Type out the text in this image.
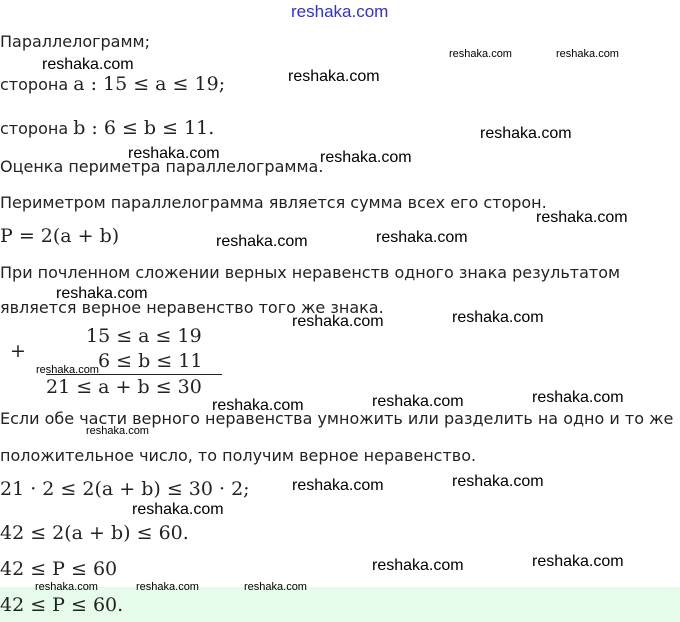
reshaka.com
Параллелограмм;
сторона a : 15 ≤ a ≤ 19;
сторона b : 6 ≤ b ≤ 11.
Оценка периметра параллелограмма.
Периметром параллелограмма является сумма всех его сторон.
P = 2(a + b)
При почленном сложении верных неравенств одного знака результатом
является верное неравенство того же знака.
+
15 ≤ a ≤ 19
6 ≤ b ≤ 11
21 ≤ a + b ≤ 30
Если обе части верного неравенства умножить или разделить на одно и то же
положительное число, то получим верное неравенство.
21 · 2 ≤ 2(a + b) ≤ 30 · 2;
42 ≤ 2(a + b) ≤ 60.
42 ≤ P ≤ 60
42 ≤ P ≤ 60.
reshaka.com	reshaka.com
reshaka.com
reshaka.com
reshaka.com
reshaka.com	reshaka.com
reshaka.com
reshaka.com	reshaka.com
reshaka.com
reshaka.com
reshaka.com
reshaka.com
reshaka.com	reshaka.com
reshaka.com
reshaka.com
reshaka.com	reshaka.com
reshaka.com
reshaka.com	reshaka.com
reshaka.com	reshaka.com	reshaka.com
